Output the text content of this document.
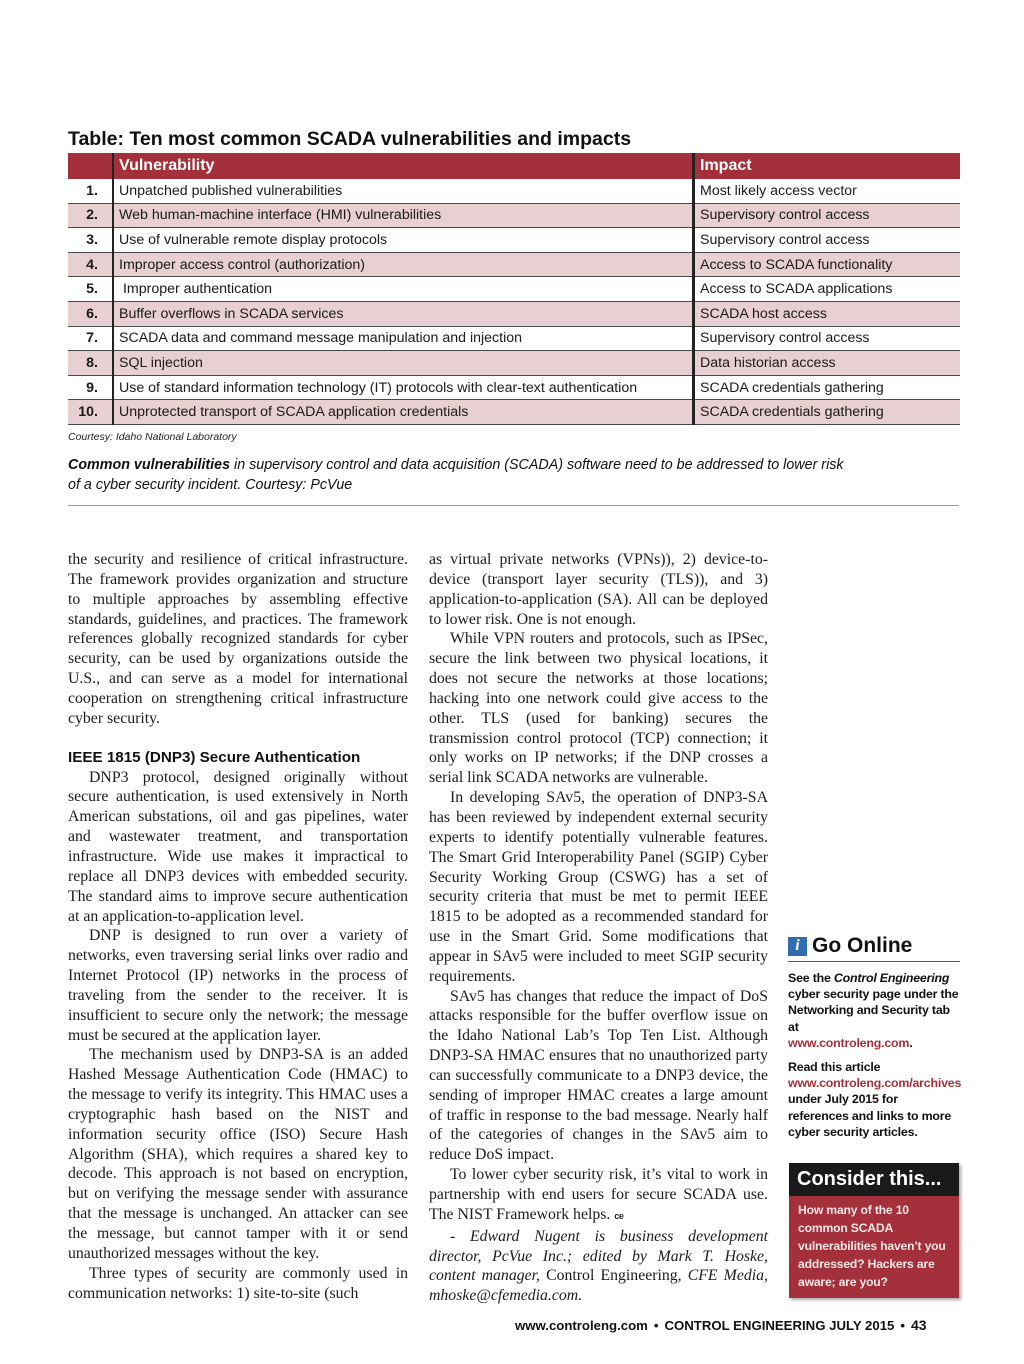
Table: Ten most common SCADA vulnerabilities and impacts
	Vulnerability	Impact
1.	Unpatched published vulnerabilities	Most likely access vector
2.	Web human-machine interface (HMI) vulnerabilities	Supervisory control access
3.	Use of vulnerable remote display protocols	Supervisory control access
4.	Improper access control (authorization)	Access to SCADA functionality
5.	Improper authentication	Access to SCADA applications
6.	Buffer overflows in SCADA services	SCADA host access
7.	SCADA data and command message manipulation and injection	Supervisory control access
8.	SQL injection	Data historian access
9.	Use of standard information technology (IT) protocols with clear-text authentication	SCADA credentials gathering
10.	Unprotected transport of SCADA application credentials	SCADA credentials gathering
Courtesy: Idaho National Laboratory
Common vulnerabilities in supervisory control and data acquisition (SCADA) software need to be addressed to lower risk of a cyber security incident. Courtesy: PcVue

the security and resilience of critical infrastructure. The framework provides organization and structure to multiple approaches by assembling effective standards, guidelines, and practices. The framework references globally recognized standards for cyber security, can be used by organizations outside the U.S., and can serve as a model for international cooperation on strengthening critical infrastructure cyber security.

IEEE 1815 (DNP3) Secure Authentication

DNP3 protocol, designed originally without secure authentication, is used extensively in North American substations, oil and gas pipelines, water and wastewater treatment, and transportation infrastructure. Wide use makes it impractical to replace all DNP3 devices with embedded security. The standard aims to improve secure authentication at an application-to-application level.

DNP is designed to run over a variety of networks, even traversing serial links over radio and Internet Protocol (IP) networks in the process of traveling from the sender to the receiver. It is insufficient to secure only the network; the message must be secured at the application layer.

The mechanism used by DNP3-SA is an added Hashed Message Authentication Code (HMAC) to the message to verify its integrity. This HMAC uses a cryptographic hash based on the NIST and information security office (ISO) Secure Hash Algorithm (SHA), which requires a shared key to decode. This approach is not based on encryption, but on verifying the message sender with assurance that the message is unchanged. An attacker can see the message, but cannot tamper with it or send unauthorized messages without the key.

Three types of security are commonly used in communication networks: 1) site-to-site (such

as virtual private networks (VPNs)), 2) device-to-device (transport layer security (TLS)), and 3) application-to-application (SA). All can be deployed to lower risk. One is not enough.

While VPN routers and protocols, such as IPSec, secure the link between two physical locations, it does not secure the networks at those locations; hacking into one network could give access to the other. TLS (used for banking) secures the transmission control protocol (TCP) connection; it only works on IP networks; if the DNP crosses a serial link SCADA networks are vulnerable.

In developing SAv5, the operation of DNP3-SA has been reviewed by independent external security experts to identify potentially vulnerable features. The Smart Grid Interoperability Panel (SGIP) Cyber Security Working Group (CSWG) has a set of security criteria that must be met to permit IEEE 1815 to be adopted as a recommended standard for use in the Smart Grid. Some modifications that appear in SAv5 were included to meet SGIP security requirements.

SAv5 has changes that reduce the impact of DoS attacks responsible for the buffer overflow issue on the Idaho National Lab’s Top Ten List. Although DNP3-SA HMAC ensures that no unauthorized party can successfully communicate to a DNP3 device, the sending of improper HMAC creates a large amount of traffic in response to the bad message. Nearly half of the categories of changes in the SAv5 aim to reduce DoS impact.

To lower cyber security risk, it’s vital to work in partnership with end users for secure SCADA use. The NIST Framework helps. ce

- Edward Nugent is business development director, PcVue Inc.; edited by Mark T. Hoske, content manager, Control Engineering, CFE Media, mhoske@cfemedia.com.

i Go Online

See the Control Engineering cyber security page under the Networking and Security tab at
www.controleng.com.

Read this article
www.controleng.com/archives
under July 2015 for references and links to more cyber security articles.

Consider this...
How many of the 10 common SCADA vulnerabilities haven’t you addressed? Hackers are aware; are you?
www.controleng.com • CONTROL ENGINEERING JULY 2015 • 43
